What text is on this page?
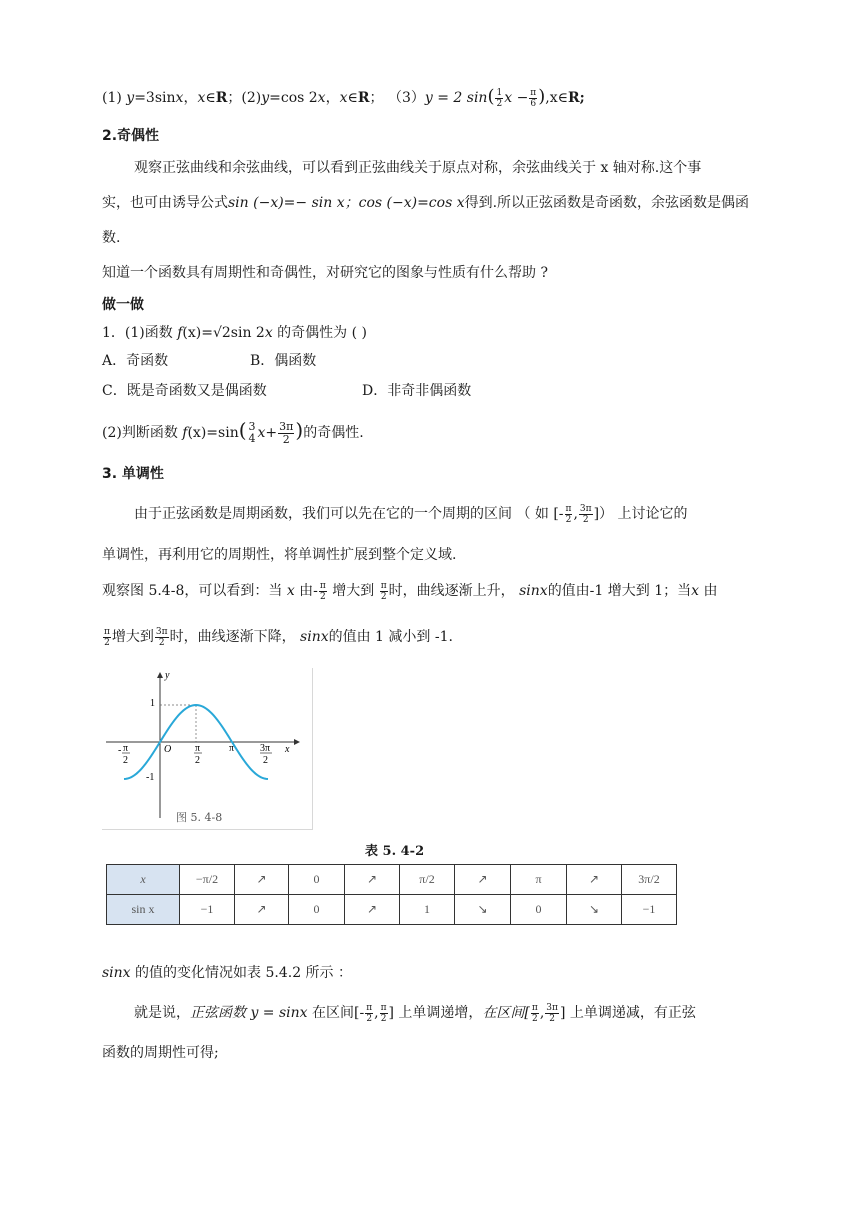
(1) y=3sinx，x∈R；(2)y=cos 2x，x∈R； （3）y = 2 $\sin( \frac{1}{2}$ $x - \frac{\pi}{6}$ ),x∈R;
2.奇偶性
观察正弦曲线和余弦曲线，可以看到正弦曲线关于原点对称，余弦曲线关于 x 轴对称.这个事
实，也可由诱导公式sin (−x)=− sin x；cos (−x)=cos x得到.所以正弦函数是奇函数，余弦函数是偶函
数.
知道一个函数具有周期性和奇偶性，对研究它的图象与性质有什么帮助 ?
做一做
1．(1)函数 f(x)=√2sin 2x 的奇偶性为 ( )
A．奇函数	B．偶函数
C．既是奇函数又是偶函数	D．非奇非偶函数
(2)判断函数 f(x)=sin( 3
4 $x+ \frac{3\pi}{2}$ )的奇偶性.
3. 单调性
由于正弦函数是周期函数，我们可以先在它的一个周期的区间 （ 如 [- $\frac{\pi}{2}$ , $\frac{3\pi}{2}$ ]） 上讨论它的
单调性，再利用它的周期性，将单调性扩展到整个定义域.
观察图 5.4-8，可以看到：当 x 由- $\frac{\pi}{2}$ 增大到 $\frac{\pi}{2}$ 时，曲线逐渐上升， sinx的值由-1 增大到 1；当x 由
$\frac{\pi}{2}$ 增大到 $\frac{3\pi}{2}$ 时，曲线逐渐下降， sinx的值由 1 减小到 -1.
y
x
1
-1
O
- π
2
π
2
π	3π
2
图 5. 4-8
表 5. 4-2
x	−π/2	↗	0	↗	π/2	↗	π	↗	3π/2
sin x	−1	↗	0	↗	1	↘	0	↘	−1
sinx 的值的变化情况如表 5.4.2 所示 ：
就是说，正弦函数 y = sinx 在区间[- $\frac{\pi}{2}$ , $\frac{\pi}{2}$ ] 上单调递增，在区间[ $\frac{\pi}{2}$ , $\frac{3\pi}{2}$ ] 上单调递减，有正弦
函数的周期性可得;
